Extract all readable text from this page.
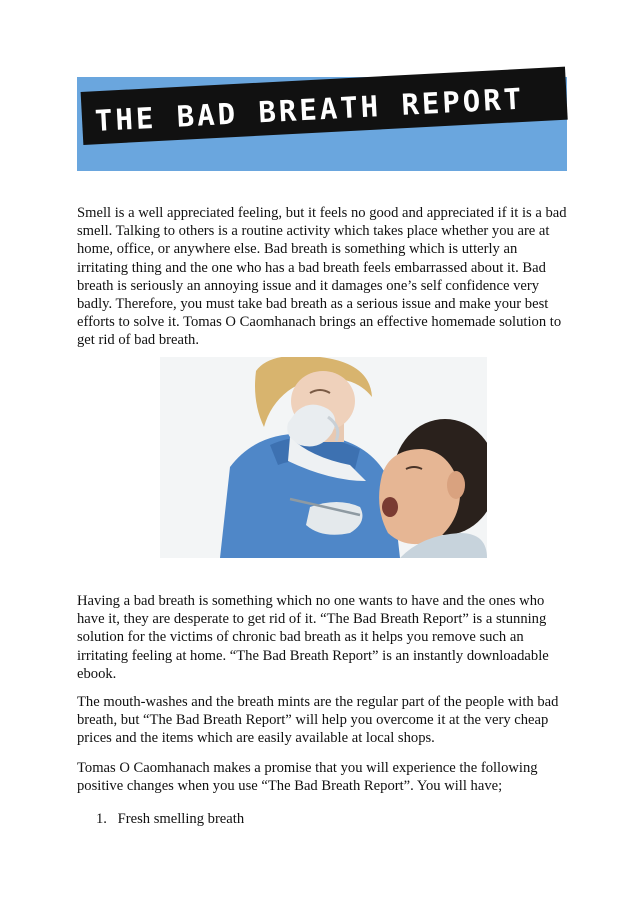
THE BAD BREATH REPORT

Smell is a well appreciated feeling, but it feels no good and appreciated if it is a bad smell. Talking to others is a routine activity which takes place whether you are at home, office, or anywhere else. Bad breath is something which is utterly an irritating thing and the one who has a bad breath feels embarrassed about it. Bad breath is seriously an annoying issue and it damages one’s self confidence very badly. Therefore, you must take bad breath as a serious issue and make your best efforts to solve it. Tomas O Caomhanach brings an effective homemade solution to get rid of bad breath.

Having a bad breath is something which no one wants to have and the ones who have it, they are desperate to get rid of it. “The Bad Breath Report” is a stunning solution for the victims of chronic bad breath as it helps you remove such an irritating feeling at home. “The Bad Breath Report” is an instantly downloadable ebook.

The mouth-washes and the breath mints are the regular part of the people with bad breath, but “The Bad Breath Report” will help you overcome it at the very cheap prices and the items which are easily available at local shops.

Tomas O Caomhanach makes a promise that you will experience the following positive changes when you use “The Bad Breath Report”. You will have;

1. Fresh smelling breath
